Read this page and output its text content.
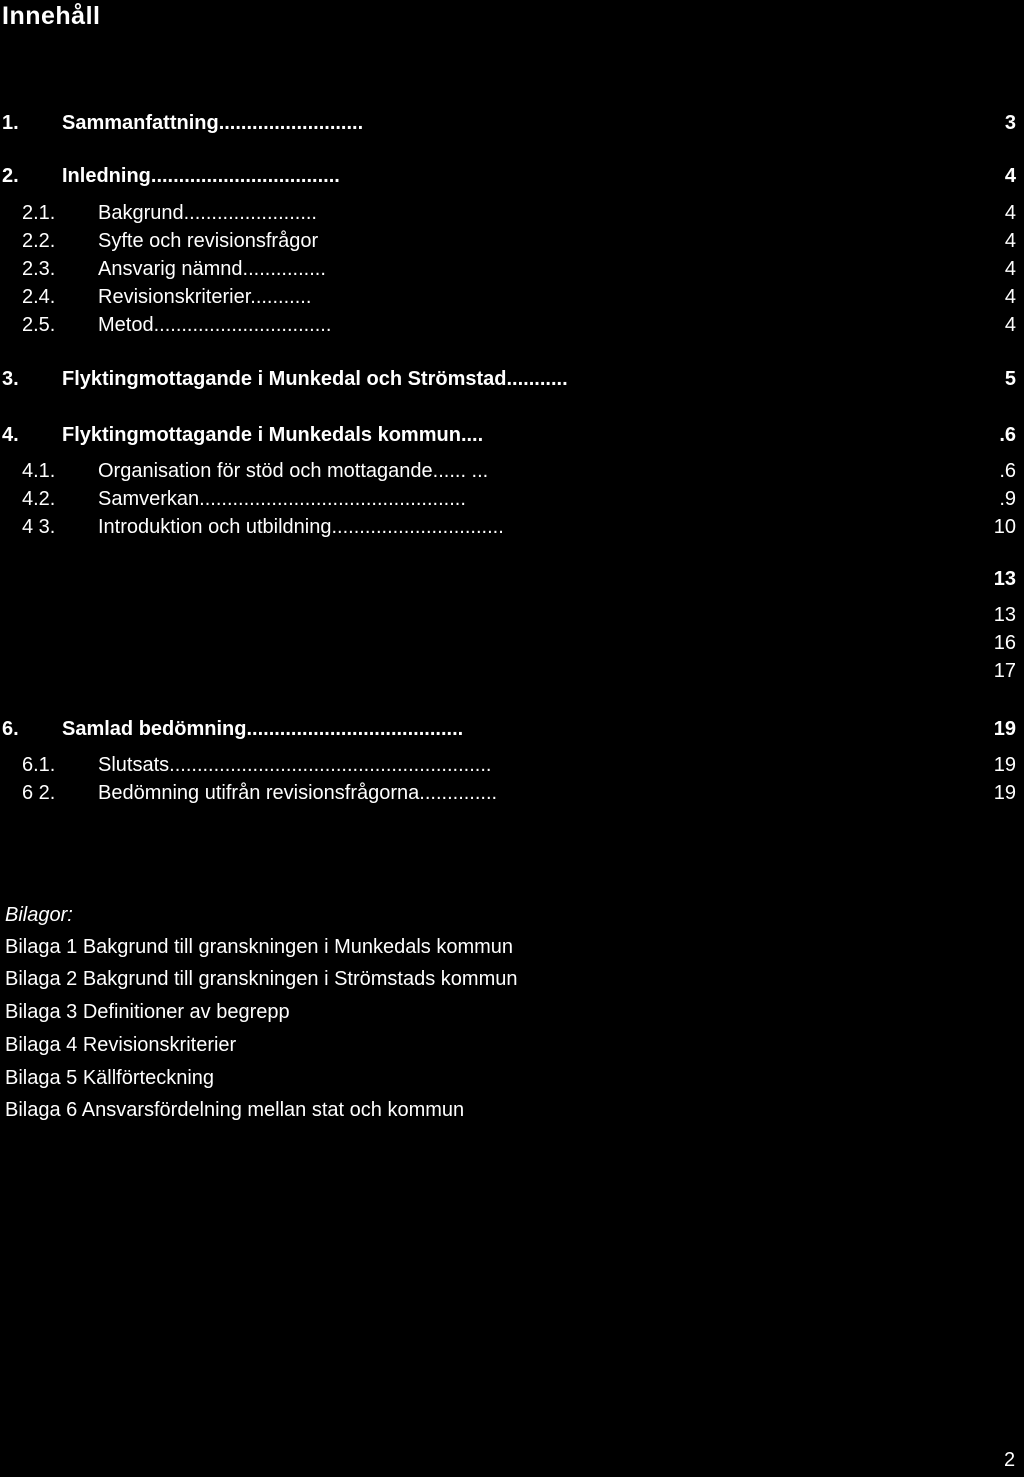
Innehåll
1. Sammanfattning..........................	3
2. Inledning..................................	4
2.1. Bakgrund........................	4
2.2. Syfte och revisionsfrågor	4
2.3. Ansvarig nämnd...............	4
2.4. Revisionskriterier...........	4
2.5. Metod................................	4
3. Flyktingmottagande i Munkedal och Strömstad...........	5
4. Flyktingmottagande i Munkedals kommun....	.6
4.1. Organisation för stöd och mottagande...... ...	.6
4.2. Samverkan................................................	.9
4 3. Introduktion och utbildning...............................	10
13
13
16
17
6. Samlad bedömning.......................................	19
6.1. Slutsats..........................................................	19
6 2. Bedömning utifrån revisionsfrågorna..............	19
Bilagor:
Bilaga 1 Bakgrund till granskningen i Munkedals kommun
Bilaga 2 Bakgrund till granskningen i Strömstads kommun
Bilaga 3 Definitioner av begrepp
Bilaga 4 Revisionskriterier
Bilaga 5 Källförteckning
Bilaga 6 Ansvarsfördelning mellan stat och kommun
2
